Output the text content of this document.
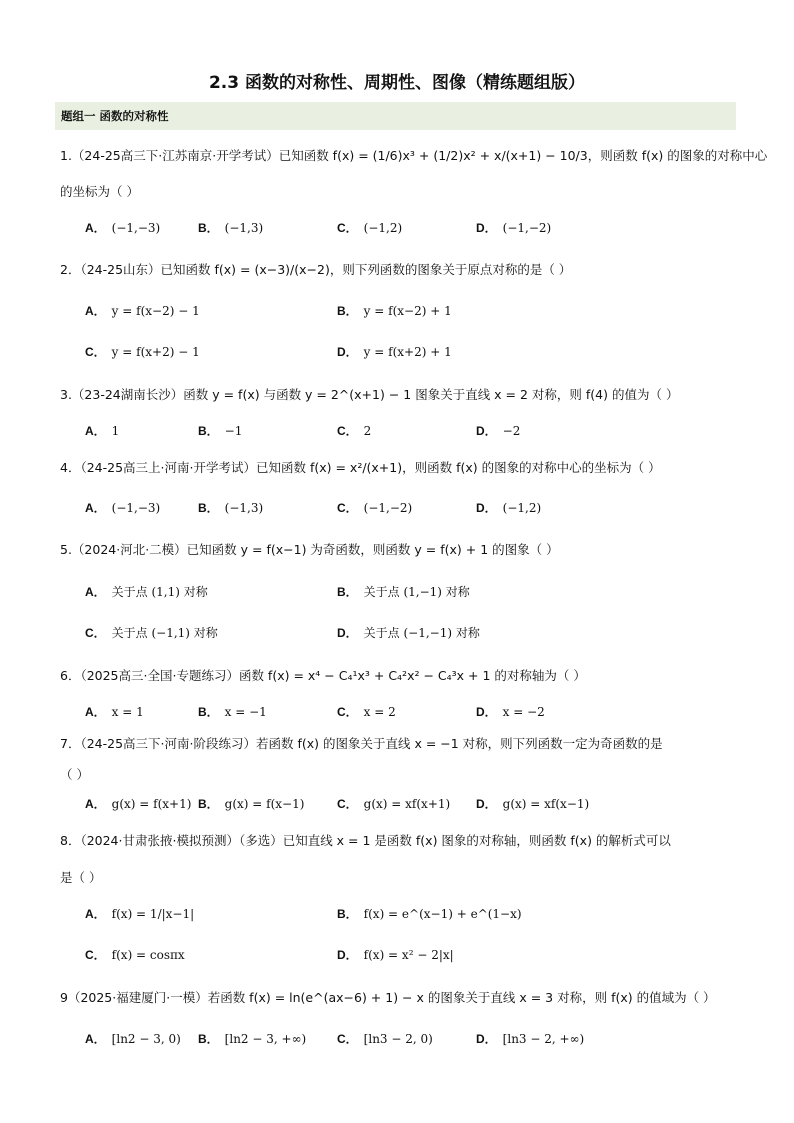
2.3 函数的对称性、周期性、图像（精练题组版）
题组一 函数的对称性
1.（24-25高三下·江苏南京·开学考试）已知函数 f(x) = (1/6)x³ + (1/2)x² + x/(x+1) − 10/3，则函数 f(x) 的图象的对称中心
的坐标为（ ）
A． (−1,−3)	B． (−1,3)	C． (−1,2)	D． (−1,−2)
2．（24-25山东）已知函数 f(x) = (x−3)/(x−2)，则下列函数的图象关于原点对称的是（ ）
A． y = f(x−2) − 1	B． y = f(x−2) + 1
C． y = f(x+2) − 1	D． y = f(x+2) + 1
3.（23-24湖南长沙）函数 y = f(x) 与函数 y = 2^(x+1) − 1 图象关于直线 x = 2 对称，则 f(4) 的值为（ ）
A． 1	B． −1	C． 2	D． −2
4．（24-25高三上·河南·开学考试）已知函数 f(x) = x²/(x+1)，则函数 f(x) 的图象的对称中心的坐标为（ ）
A． (−1,−3)	B． (−1,3)	C． (−1,−2)	D． (−1,2)
5.（2024·河北·二模）已知函数 y = f(x−1) 为奇函数，则函数 y = f(x) + 1 的图象（ ）
A． 关于点 (1,1) 对称	B． 关于点 (1,−1) 对称
C． 关于点 (−1,1) 对称	D． 关于点 (−1,−1) 对称
6．（2025高三·全国·专题练习）函数 f(x) = x⁴ − C₄¹x³ + C₄²x² − C₄³x + 1 的对称轴为（ ）
A． x = 1	B． x = −1	C． x = 2	D． x = −2
7．（24-25高三下·河南·阶段练习）若函数 f(x) 的图象关于直线 x = −1 对称，则下列函数一定为奇函数的是
（ ）
A． g(x) = f(x+1) B． g(x) = f(x−1)	C． g(x) = xf(x+1) D． g(x) = xf(x−1)
8．（2024·甘肃张掖·模拟预测）（多选）已知直线 x = 1 是函数 f(x) 图象的对称轴，则函数 f(x) 的解析式可以
是（ ）
A． f(x) = 1/|x−1|	B． f(x) = e^(x−1) + e^(1−x)
C． f(x) = cosπx	D． f(x) = x² − 2|x|
9（2025·福建厦门·一模）若函数 f(x) = ln(e^(ax−6) + 1) − x 的图象关于直线 x = 3 对称，则 f(x) 的值域为（ ）
A． [ln2 − 3, 0) B． [ln2 − 3, +∞)	C． [ln3 − 2, 0)	D． [ln3 − 2, +∞)
